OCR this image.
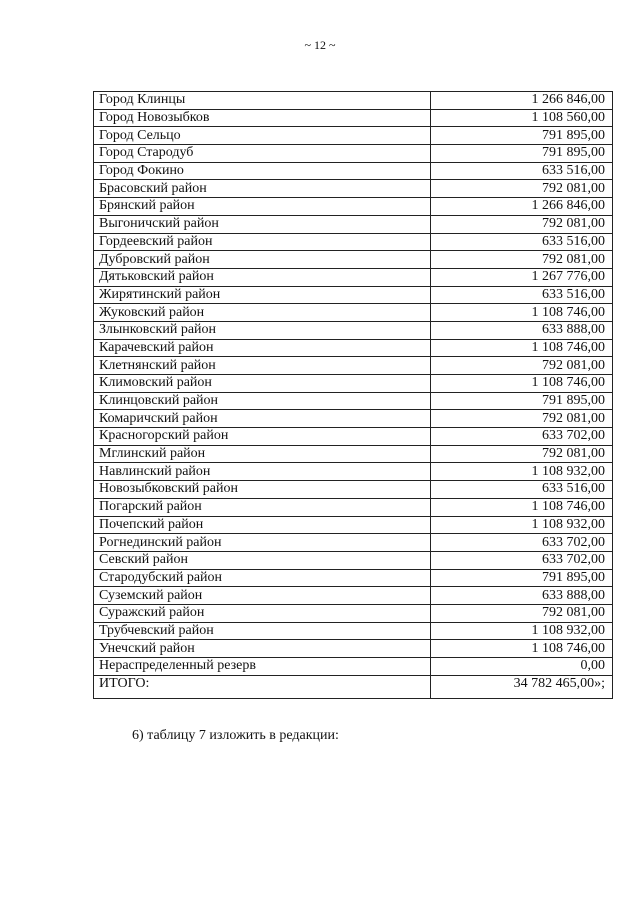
~ 12 ~
Город Клинцы	1 266 846,00
Город Новозыбков	1 108 560,00
Город Сельцо	791 895,00
Город Стародуб	791 895,00
Город Фокино	633 516,00
Брасовский район	792 081,00
Брянский район	1 266 846,00
Выгоничский район	792 081,00
Гордеевский район	633 516,00
Дубровский район	792 081,00
Дятьковский район	1 267 776,00
Жирятинский район	633 516,00
Жуковский район	1 108 746,00
Злынковский район	633 888,00
Карачевский район	1 108 746,00
Клетнянский район	792 081,00
Климовский район	1 108 746,00
Клинцовский район	791 895,00
Комаричский район	792 081,00
Красногорский район	633 702,00
Мглинский район	792 081,00
Навлинский район	1 108 932,00
Новозыбковский район	633 516,00
Погарский район	1 108 746,00
Почепский район	1 108 932,00
Рогнединский район	633 702,00
Севский район	633 702,00
Стародубский район	791 895,00
Суземский район	633 888,00
Суражский район	792 081,00
Трубчевский район	1 108 932,00
Унечский район	1 108 746,00
Нераспределенный резерв	0,00
ИТОГО:	34 782 465,00»;
6) таблицу 7 изложить в редакции:
